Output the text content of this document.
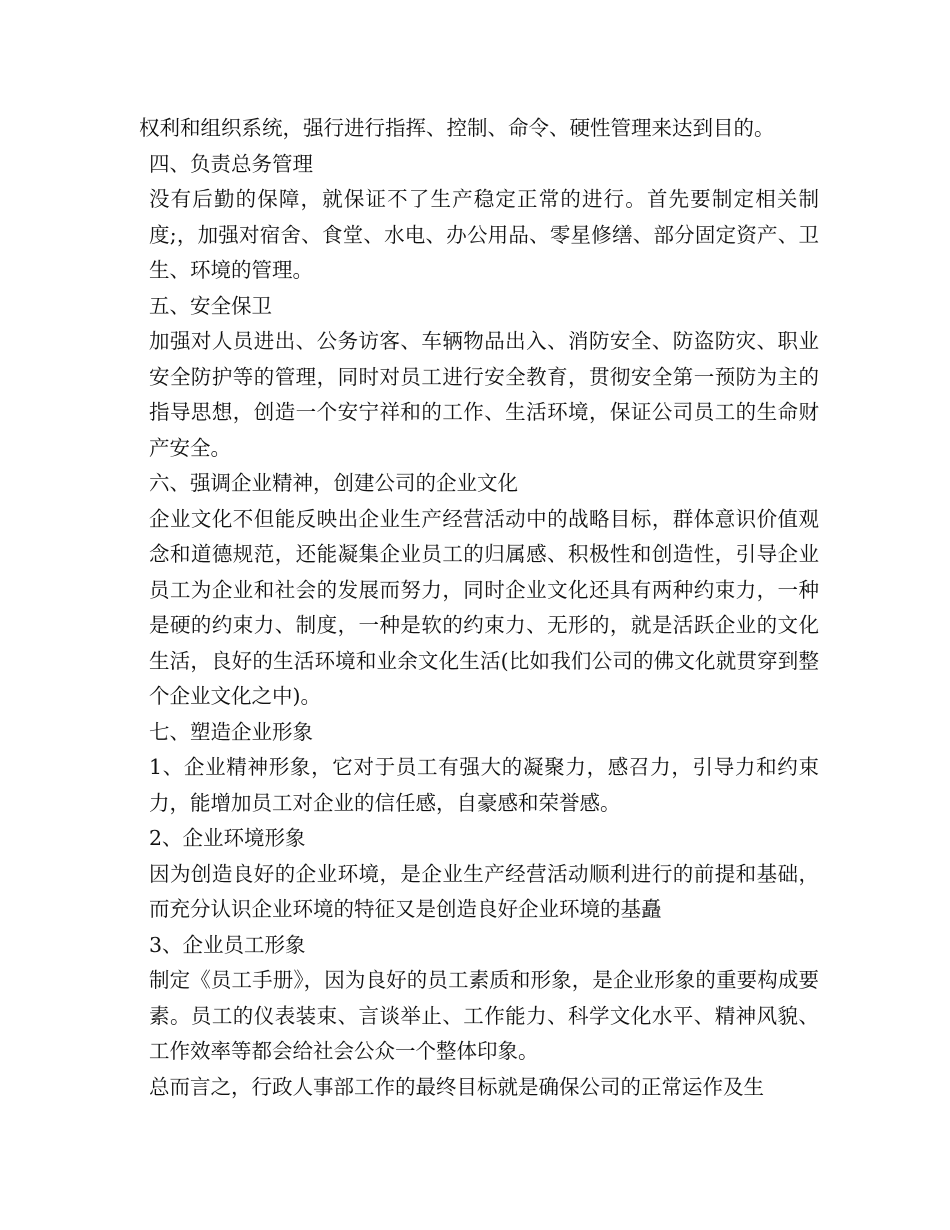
权利和组织系统，强行进行指挥、控制、命令、硬性管理来达到目的。

四、负责总务管理

没有后勤的保障，就保证不了生产稳定正常的进行。首先要制定相关制度;，加强对宿舍、食堂、水电、办公用品、零星修缮、部分固定资产、卫生、环境的管理。

五、安全保卫

加强对人员进出、公务访客、车辆物品出入、消防安全、防盗防灾、职业安全防护等的管理，同时对员工进行安全教育，贯彻安全第一预防为主的指导思想，创造一个安宁祥和的工作、生活环境，保证公司员工的生命财产安全。

六、强调企业精神，创建公司的企业文化

企业文化不但能反映出企业生产经营活动中的战略目标，群体意识价值观念和道德规范，还能凝集企业员工的归属感、积极性和创造性，引导企业员工为企业和社会的发展而努力，同时企业文化还具有两种约束力，一种是硬的约束力、制度，一种是软的约束力、无形的，就是活跃企业的文化生活，良好的生活环境和业余文化生活(比如我们公司的佛文化就贯穿到整个企业文化之中)。

七、塑造企业形象

1、企业精神形象，它对于员工有强大的凝聚力，感召力，引导力和约束力，能增加员工对企业的信任感，自豪感和荣誉感。

2、企业环境形象

因为创造良好的企业环境，是企业生产经营活动顺利进行的前提和基础，而充分认识企业环境的特征又是创造良好企业环境的基矗

3、企业员工形象

制定《员工手册》，因为良好的员工素质和形象，是企业形象的重要构成要素。员工的仪表装束、言谈举止、工作能力、科学文化水平、精神风貌、工作效率等都会给社会公众一个整体印象。

总而言之，行政人事部工作的最终目标就是确保公司的正常运作及生
